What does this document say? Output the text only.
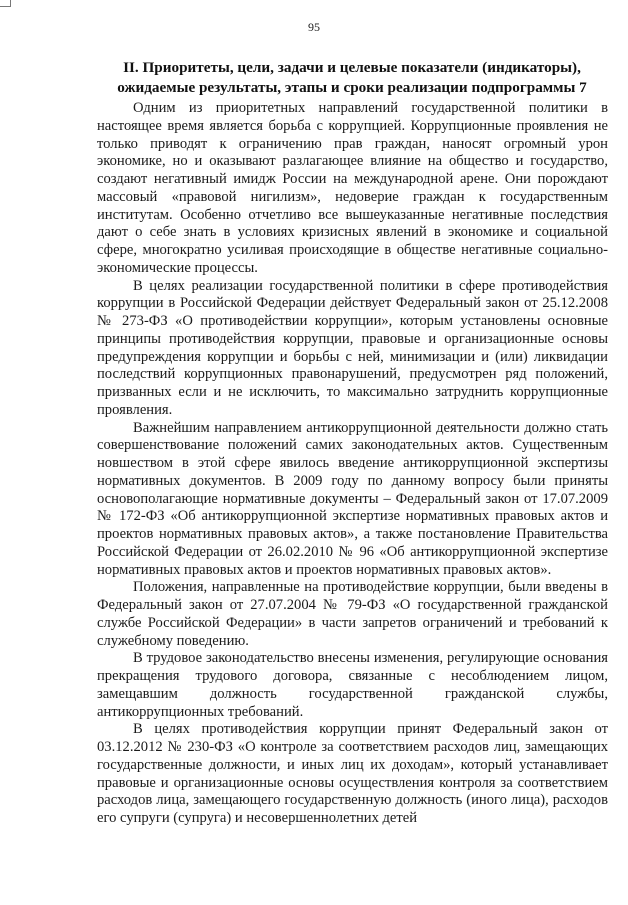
95
II. Приоритеты, цели, задачи и целевые показатели (индикаторы), ожидаемые результаты, этапы и сроки реализации подпрограммы 7

Одним из приоритетных направлений государственной политики в настоящее время является борьба с коррупцией. Коррупционные проявления не только приводят к ограничению прав граждан, наносят огромный урон экономике, но и оказывают разлагающее влияние на общество и государство, создают негативный имидж России на международной арене. Они порождают массовый «правовой нигилизм», недоверие граждан к государственным институтам. Особенно отчетливо все вышеуказанные негативные последствия дают о себе знать в условиях кризисных явлений в экономике и социальной сфере, многократно усиливая происходящие в обществе негативные социально-экономические процессы.

В целях реализации государственной политики в сфере противодействия коррупции в Российской Федерации действует Федеральный закон от 25.12.2008 № 273-ФЗ «О противодействии коррупции», которым установлены основные принципы противодействия коррупции, правовые и организационные основы предупреждения коррупции и борьбы с ней, минимизации и (или) ликвидации последствий коррупционных правонарушений, предусмотрен ряд положений, призванных если и не исключить, то максимально затруднить коррупционные проявления.

Важнейшим направлением антикоррупционной деятельности должно стать совершенствование положений самих законодательных актов. Существенным новшеством в этой сфере явилось введение антикоррупционной экспертизы нормативных документов. В 2009 году по данному вопросу были приняты основополагающие нормативные документы – Федеральный закон от 17.07.2009 № 172-ФЗ «Об антикоррупционной экспертизе нормативных правовых актов и проектов нормативных правовых актов», а также постановление Правительства Российской Федерации от 26.02.2010 № 96 «Об антикоррупционной экспертизе нормативных правовых актов и проектов нормативных правовых актов».

Положения, направленные на противодействие коррупции, были введены в Федеральный закон от 27.07.2004 № 79-ФЗ «О государственной гражданской службе Российской Федерации» в части запретов ограничений и требований к служебному поведению.

В трудовое законодательство внесены изменения, регулирующие основания прекращения трудового договора, связанные с несоблюдением лицом, замещавшим должность государственной гражданской службы, антикоррупционных требований.

В целях противодействия коррупции принят Федеральный закон от 03.12.2012 № 230-ФЗ «О контроле за соответствием расходов лиц, замещающих государственные должности, и иных лиц их доходам», который устанавливает правовые и организационные основы осуществления контроля за соответствием расходов лица, замещающего государственную должность (иного лица), расходов его супруги (супруга) и несовершеннолетних детей
